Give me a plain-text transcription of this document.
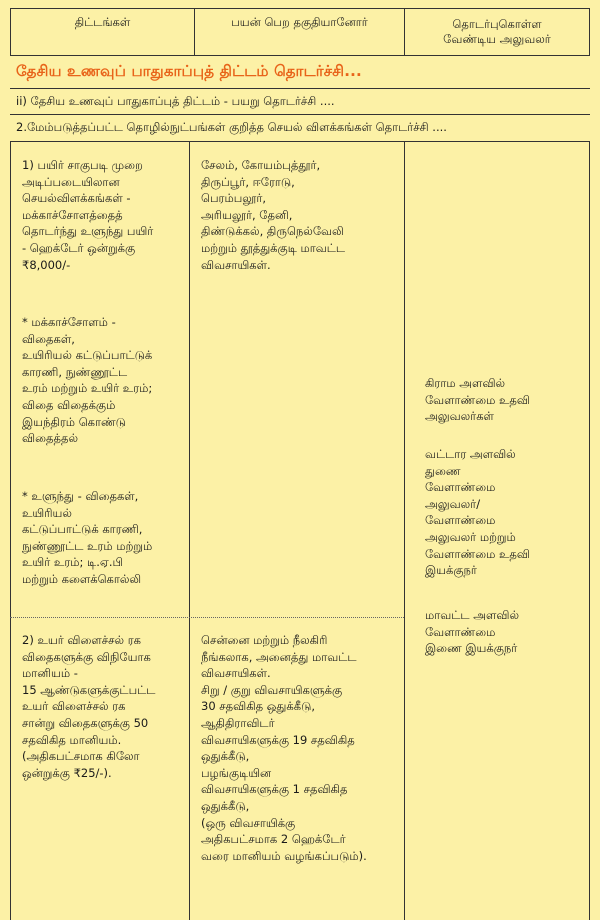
திட்டங்கள்	பயன் பெற தகுதியானோர்	தொடர்புகொள்ள
வேண்டிய அலுவலர்
தேசிய உணவுப் பாதுகாப்புத் திட்டம் தொடர்ச்சி...
ii) தேசிய உணவுப் பாதுகாப்புத் திட்டம் - பயறு தொடர்ச்சி ....
2.மேம்படுத்தப்பட்ட தொழில்நுட்பங்கள் குறித்த செயல் விளக்கங்கள் தொடர்ச்சி ....

1) பயிர் சாகுபடி முறை
அடிப்படையிலான
செயல்விளக்கங்கள் -
மக்காச்சோளத்தைத்
தொடர்ந்து உளுந்து பயிர்
- ஹெக்டேர் ஒன்றுக்கு
₹8,000/-

* மக்காச்சோளம் -
விதைகள்,
உயிரியல் கட்டுப்பாட்டுக்
காரணி, நுண்ணூட்ட
உரம் மற்றும் உயிர் உரம்;
விதை விதைக்கும்
இயந்திரம் கொண்டு
விதைத்தல்

* உளுந்து - விதைகள்,
உயிரியல்
கட்டுப்பாட்டுக் காரணி,
நுண்ணூட்ட உரம் மற்றும்
உயிர் உரம்; டி.ஏ.பி
மற்றும் களைக்கொல்லி

சேலம், கோயம்புத்தூர்,
திருப்பூர், ஈரோடு,
பெரம்பலூர்,
அரியலூர், தேனி,
திண்டுக்கல், திருநெல்வேலி
மற்றும் தூத்துக்குடி மாவட்ட
விவசாயிகள்.

கிராம அளவில்
வேளாண்மை உதவி
அலுவலர்கள்

வட்டார அளவில்
துணை
வேளாண்மை
அலுவலர்/
வேளாண்மை
அலுவலர் மற்றும்
வேளாண்மை உதவி
இயக்குநர்

மாவட்ட அளவில்
வேளாண்மை
இணை இயக்குநர்

2) உயர் விளைச்சல் ரக
விதைகளுக்கு விநியோக
மானியம் -
15 ஆண்டுகளுக்குட்பட்ட
உயர் விளைச்சல் ரக
சான்று விதைகளுக்கு 50
சதவிகித மானியம்.
(அதிகபட்சமாக கிலோ
ஒன்றுக்கு ₹25/-).

சென்னை மற்றும் நீலகிரி
நீங்கலாக, அனைத்து மாவட்ட
விவசாயிகள்.
சிறு / குறு விவசாயிகளுக்கு
30 சதவிகித ஒதுக்கீடு,
ஆதிதிராவிடர்
விவசாயிகளுக்கு 19 சதவிகித
ஒதுக்கீடு,
பழங்குடியின
விவசாயிகளுக்கு 1 சதவிகித
ஒதுக்கீடு,
(ஒரு விவசாயிக்கு
அதிகபட்சமாக 2 ஹெக்டேர்
வரை மானியம் வழங்கப்படும்).
